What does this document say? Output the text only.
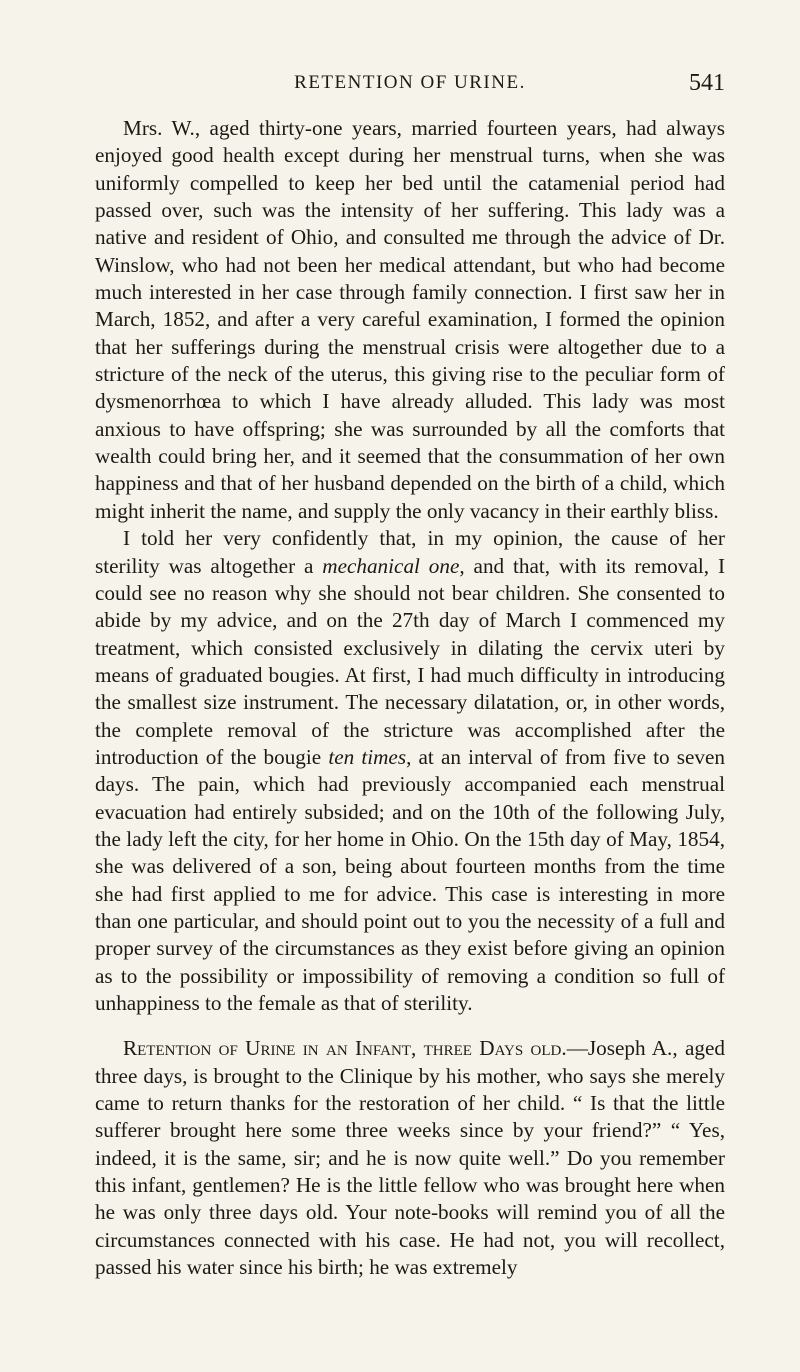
RETENTION OF URINE.	541

Mrs. W., aged thirty-one years, married fourteen years, had always enjoyed good health except during her menstrual turns, when she was uniformly compelled to keep her bed until the catamenial period had passed over, such was the intensity of her suffering. This lady was a native and resident of Ohio, and consulted me through the advice of Dr. Winslow, who had not been her medical attendant, but who had become much interested in her case through family connection. I first saw her in March, 1852, and after a very careful examination, I formed the opinion that her sufferings during the menstrual crisis were altogether due to a stricture of the neck of the uterus, this giving rise to the peculiar form of dysmenorrhœa to which I have already alluded. This lady was most anxious to have offspring; she was surrounded by all the comforts that wealth could bring her, and it seemed that the consummation of her own happiness and that of her husband depended on the birth of a child, which might inherit the name, and supply the only vacancy in their earthly bliss.

I told her very confidently that, in my opinion, the cause of her sterility was altogether a mechanical one, and that, with its removal, I could see no reason why she should not bear children. She consented to abide by my advice, and on the 27th day of March I commenced my treatment, which consisted exclusively in dilating the cervix uteri by means of graduated bougies. At first, I had much difficulty in introducing the smallest size instrument. The necessary dilatation, or, in other words, the complete removal of the stricture was accomplished after the introduction of the bougie ten times, at an interval of from five to seven days. The pain, which had previously accompanied each menstrual evacuation had entirely subsided; and on the 10th of the following July, the lady left the city, for her home in Ohio. On the 15th day of May, 1854, she was delivered of a son, being about fourteen months from the time she had first applied to me for advice. This case is interesting in more than one particular, and should point out to you the necessity of a full and proper survey of the circumstances as they exist before giving an opinion as to the possibility or impossibility of removing a condition so full of unhappiness to the female as that of sterility.

Retention of Urine in an Infant, three Days old.—Joseph A., aged three days, is brought to the Clinique by his mother, who says she merely came to return thanks for the restoration of her child. “ Is that the little sufferer brought here some three weeks since by your friend?” “ Yes, indeed, it is the same, sir; and he is now quite well.” Do you remember this infant, gentlemen? He is the little fellow who was brought here when he was only three days old. Your note-books will remind you of all the circumstances connected with his case. He had not, you will recollect, passed his water since his birth; he was extremely
